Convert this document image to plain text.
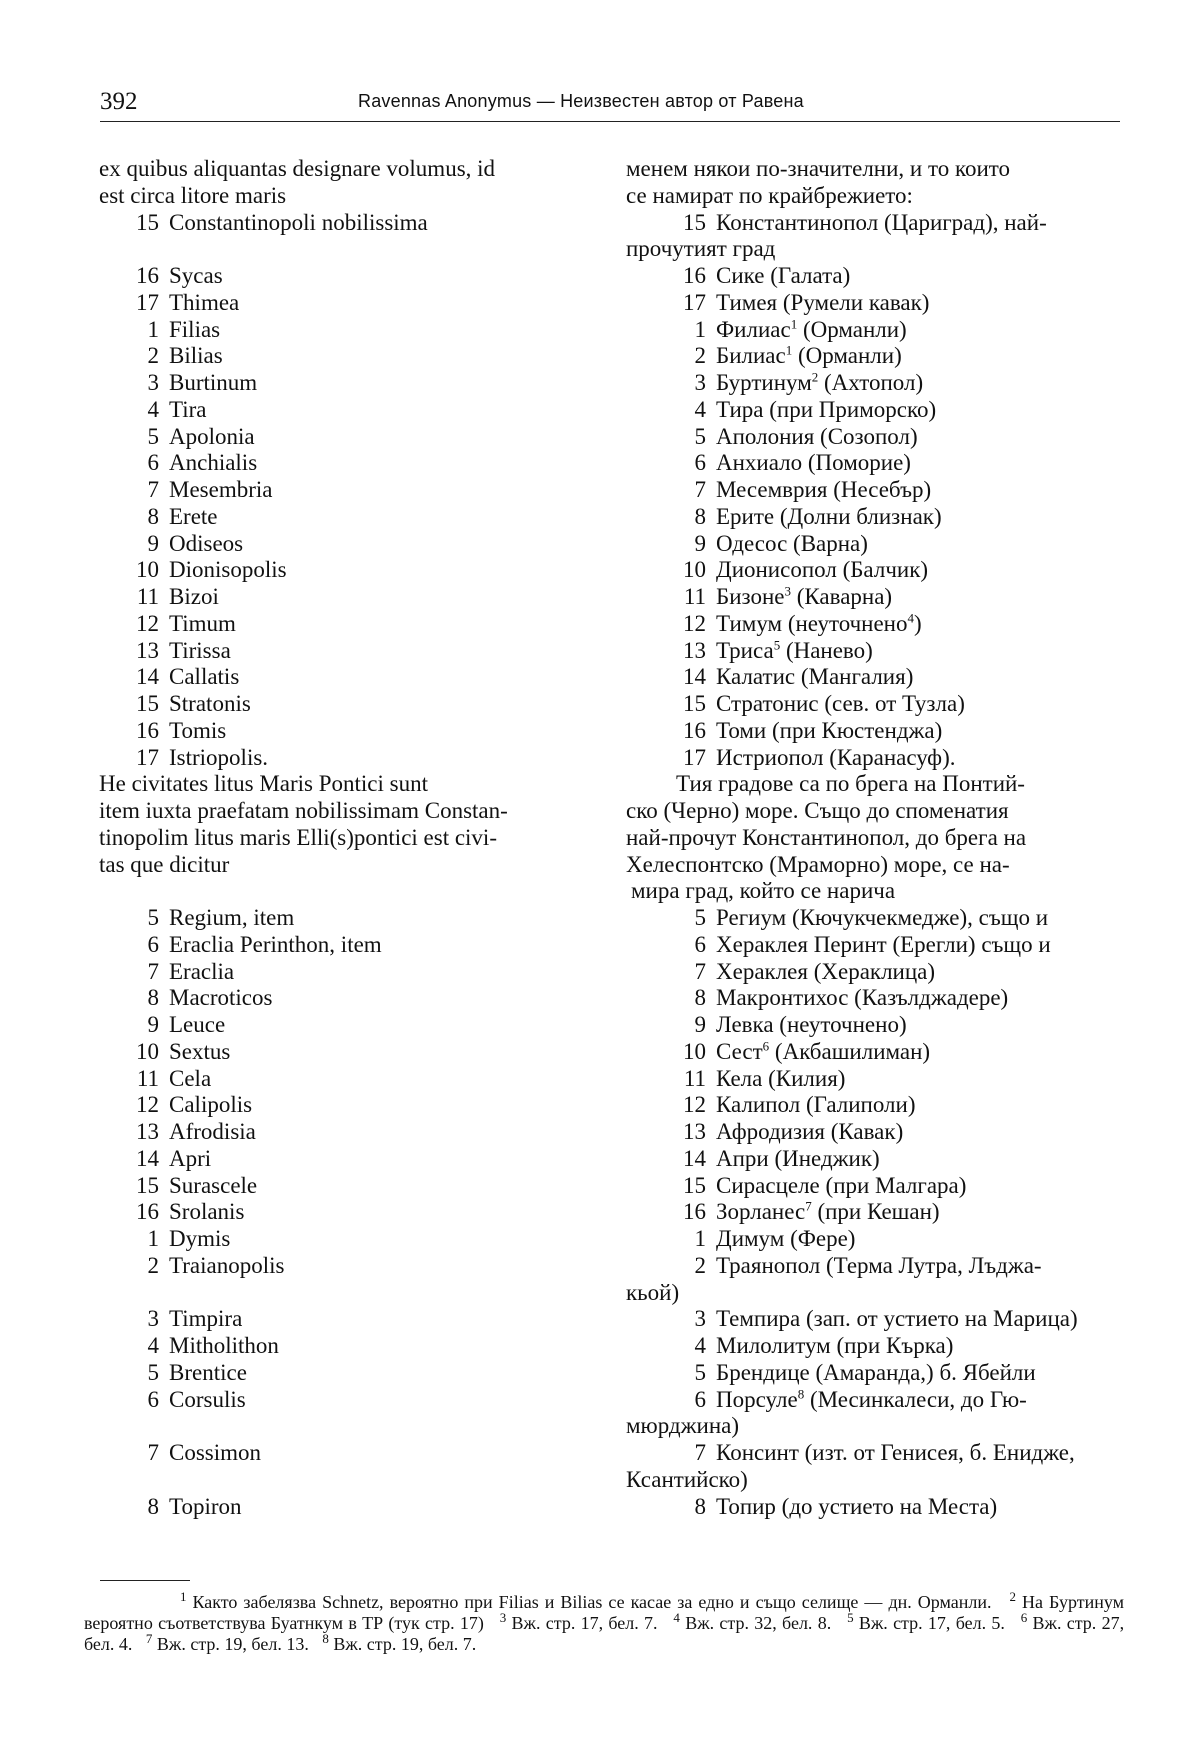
392	Ravennas Anonymus — Неизвестен автор от Равена
ex quibus aliquantas designare volumus, id
est circa litore maris
15 Constantinopoli nobilissima
16 Sycas
17 Thimea
1 Filias
2 Bilias
3 Burtinum
4 Tira
5 Apolonia
6 Anchialis
7 Mesembria
8 Erete
9 Odiseos
10 Dionisopolis
11 Bizoi
12 Timum
13 Tirissa
14 Callatis
15 Stratonis
16 Tomis
17 Istriopolis.
He civitates litus Maris Pontici sunt
item iuxta praefatam nobilissimam Constan-
tinopolim litus maris Elli(s)pontici est civi-
tas que dicitur
5 Regium, item
6 Eraclia Perinthon, item
7 Eraclia
8 Macroticos
9 Leuce
10 Sextus
11 Cela
12 Calipolis
13 Afrodisia
14 Apri
15 Surascele
16 Srolanis
1 Dymis
2 Traianopolis
3 Timpira
4 Mitholithon
5 Brentice
6 Corsulis
7 Cossimon
8 Topiron
менем някои по-значителни, и то които
се намират по крайбрежието:
15 Константинопол (Цариград), най-
прочутият град
16 Сике (Галата)
17 Тимея (Румели кавак)
1 Филиас$^1$ (Орманли)
2 Билиас$^1$ (Орманли)
3 Буртинум$^2$ (Ахтопол)
4 Тира (при Приморско)
5 Аполония (Созопол)
6 Анхиало (Поморие)
7 Месемврия (Несебър)
8 Ерите (Долни близнак)
9 Одесос (Варна)
10 Дионисопол (Балчик)
11 Бизоне$^3$ (Каварна)
12 Тимум (неуточнено$^4$)
13 Триса$^5$ (Нанево)
14 Калатис (Мангалия)
15 Стратонис (сев. от Тузла)
16 Томи (при Кюстенджа)
17 Истриопол (Каранасуф).
Тия градове са по брега на Понтий-
ско (Черно) море. Също до споменатия
най-прочут Константинопол, до брега на
Хелеспонтско (Мраморно) море, се на-
мира град, който се нарича
5 Региум (Кючукчекмедже), също и
6 Хераклея Перинт (Ерегли) също и
7 Хераклея (Хераклица)
8 Макронтихос (Казълджадере)
9 Левка (неуточнено)
10 Сест$^6$ (Акбашилиман)
11 Кела (Килия)
12 Калипол (Галиполи)
13 Афродизия (Кавак)
14 Апри (Инеджик)
15 Сирасцеле (при Малгара)
16 Зорланес$^7$ (при Кешан)
1 Димум (Фере)
2 Траянопол (Терма Лутра, Лъджа-
кьой)
3 Темпира (зап. от устието на Марица)
4 Милолитум (при Кърка)
5 Брендице (Амаранда,) б. Ябейли
6 Порсуле$^8$ (Месинкалеси, до Гю-
мюрджина)
7 Консинт (изт. от Генисея, б. Енидже,
Ксантийско)
8 Топир (до устието на Места)
$^1$ Както забелязва Schnetz, вероятно при Filias и Bilias се касае за едно и също селище — дн. Орманли. $^2$ На Буртинум вероятно съответствува Буатнкум в ТР (тук стр. 17) $^3$ Вж. стр. 17, бел. 7. $^4$ Вж. стр. 32, бел. 8. $^5$ Вж. стр. 17, бел. 5. $^6$ Вж. стр. 27, бел. 4. $^7$ Вж. стр. 19, бел. 13. $^8$ Вж. стр. 19, бел. 7.
